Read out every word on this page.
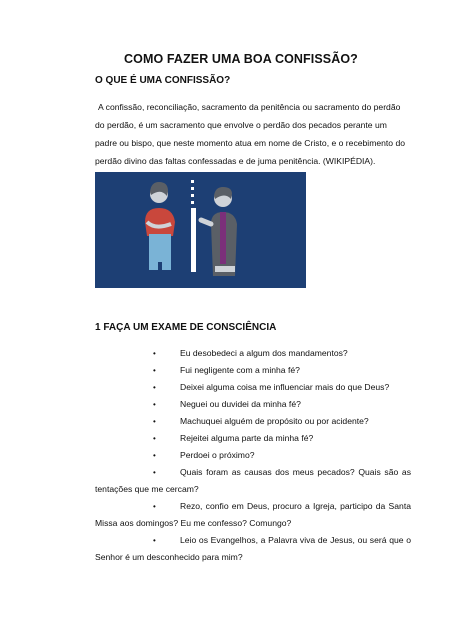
COMO FAZER UMA BOA CONFISSÃO?
O QUE É UMA CONFISSÃO?
A confissão, reconciliação, sacramento da penitência ou sacramento do perdão do perdão, é um sacramento que envolve o perdão dos pecados perante um padre ou bispo, que neste momento atua em nome de Cristo, e o recebimento do perdão divino das faltas confessadas e de juma penitência. (WIKIPÉDIA).
1 FAÇA UM EXAME DE CONSCIÊNCIA
•	Eu desobedeci a algum dos mandamentos?
•	Fui negligente com a minha fé?
•	Deixei alguma coisa me influenciar mais do que Deus?
•	Neguei ou duvidei da minha fé?
•	Machuquei alguém de propósito ou por acidente?
•	Rejeitei alguma parte da minha fé?
•	Perdoei o próximo?
•	Quais foram as causas dos meus pecados? Quais são as tentações que me cercam?
•	Rezo, confio em Deus, procuro a Igreja, participo da Santa Missa aos domingos? Eu me confesso? Comungo?
•	Leio os Evangelhos, a Palavra viva de Jesus, ou será que o Senhor é um desconhecido para mim?
